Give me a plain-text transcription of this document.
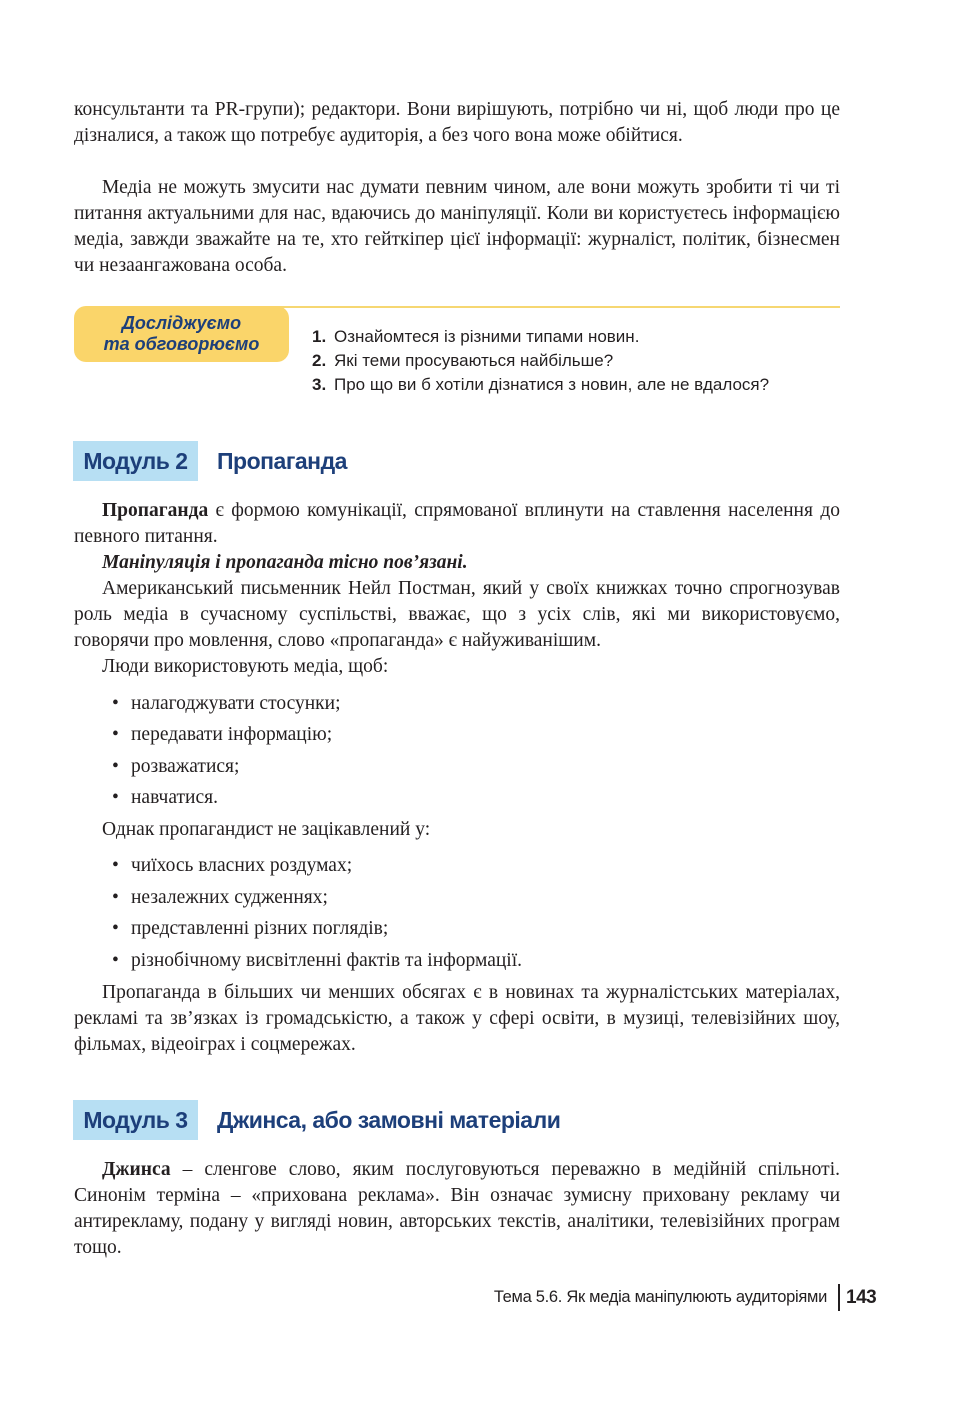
консультанти та PR-групи); редактори. Вони вирішують, потрібно чи ні, щоб люди про це дізналися, а також що потребує аудиторія, а без чого вона може обійтися.

Медіа не можуть змусити нас думати певним чином, але вони можуть зробити ті чи ті питання актуальними для нас, вдаючись до маніпуляції. Коли ви користуєтесь інформацією медіа, завжди зважайте на те, хто гейткіпер цієї інформації: журналіст, політик, бізнесмен чи незаангажована особа.

Досліджуємо
та обговорюємо	1. Ознайомтеся із різними типами новин.
2. Які теми просуваються найбільше?
3. Про що ви б хотіли дізнатися з новин, але не вдалося?
Модуль 2	Пропаганда

Пропаганда є формою комунікації, спрямованої вплинути на ставлення населення до певного питання.

Маніпуляція і пропаганда тісно пов’язані.

Американський письменник Нейл Постман, який у своїх книжках точно спрогнозував роль медіа в сучасному суспільстві, вважає, що з усіх слів, які ми використовуємо, говорячи про мовлення, слово «пропаганда» є найуживанішим.

Люди використовують медіа, щоб:

• налагоджувати стосунки;
• передавати інформацію;
• розважатися;
• навчатися.

Однак пропагандист не зацікавлений у:

• чиїхось власних роздумах;
• незалежних судженнях;
• представленні різних поглядів;
• різнобічному висвітленні фактів та інформації.

Пропаганда в більших чи менших обсягах є в новинах та журналістських матеріалах, рекламі та зв’язках із громадськістю, а також у сфері освіти, в музиці, телевізійних шоу, фільмах, відеоіграх і соцмережах.

Модуль 3	Джинса, або замовні матеріали

Джинса – сленгове слово, яким послуговуються переважно в медійній спільноті. Синонім терміна – «прихована реклама». Він означає зумисну приховану рекламу чи антирекламу, подану у вигляді новин, авторських текстів, аналітики, телевізійних програм тощо.

Тема 5.6. Як медіа маніпулюють аудиторіями 143
